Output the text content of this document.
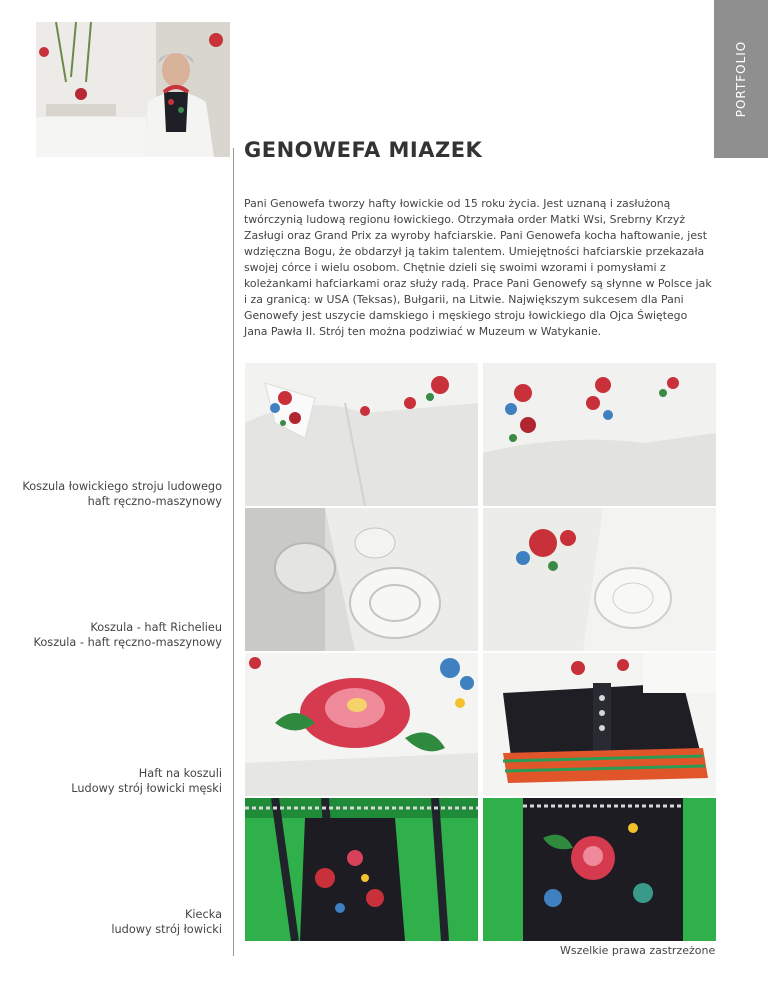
PORTFOLIO
GENOWEFA MIAZEK

Pani Genowefa tworzy hafty łowickie od 15 roku życia. Jest uznaną i zasłużoną twórczynią ludową regionu łowickiego. Otrzymała order Matki Wsi, Srebrny Krzyż Zasługi oraz Grand Prix za wyroby hafciarskie. Pani Genowefa kocha haftowanie, jest wdzięczna Bogu, że obdarzył ją takim talentem. Umiejętności hafciarskie przekazała swojej córce i wielu osobom. Chętnie dzieli się swoimi wzorami i pomysłami z koleżankami hafciarkami oraz służy radą. Prace Pani Genowefy są słynne w Polsce jak i za granicą: w USA (Teksas), Bułgarii, na Litwie. Największym sukcesem dla Pani Genowefy jest uszycie damskiego i męskiego stroju łowickiego dla Ojca Świętego Jana Pawła II. Strój ten można podziwiać w Muzeum w Watykanie.

Koszula łowickiego stroju ludowego
haft ręczno-maszynowy
Koszula - haft Richelieu
Koszula - haft ręczno-maszynowy
Haft na koszuli
Ludowy strój łowicki męski
Kiecka
ludowy strój łowicki
Wszelkie prawa zastrzeżone
